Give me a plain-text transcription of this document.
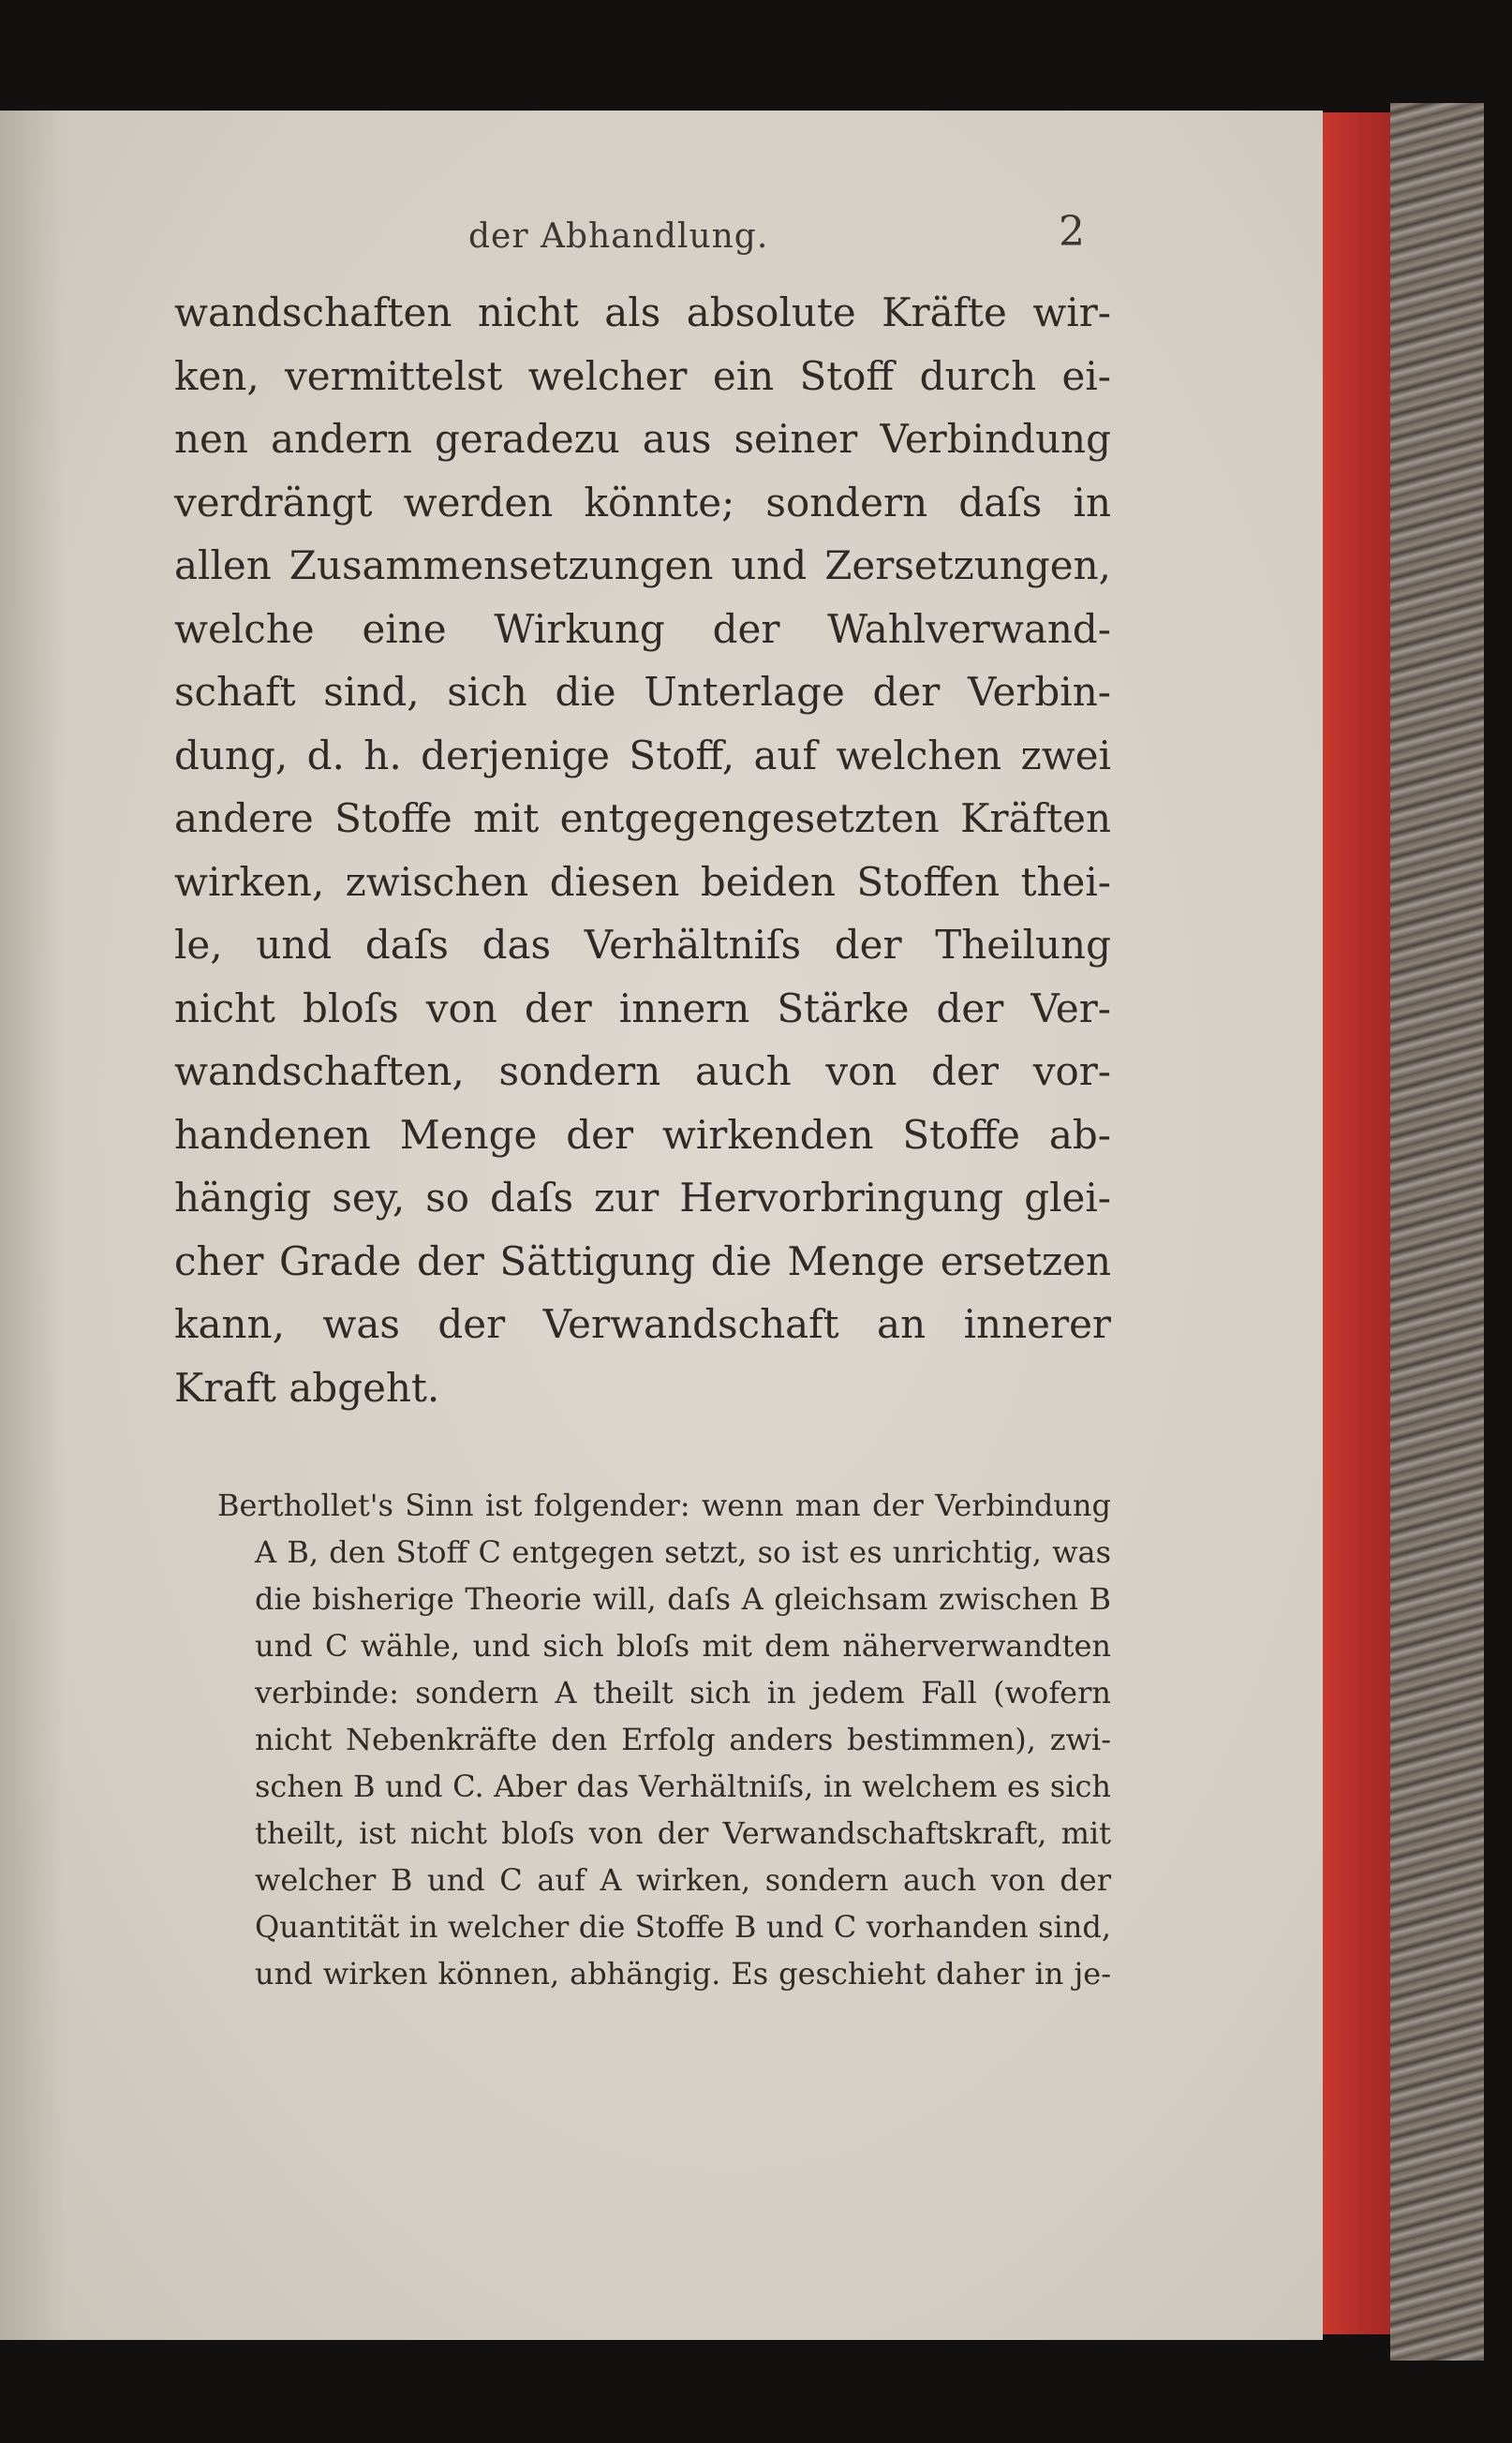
der Abhandlung.	2

wandschaften nicht als absolute Kräfte wir-
ken, vermittelst welcher ein Stoff durch ei-
nen andern geradezu aus seiner Verbindung
verdrängt werden könnte; sondern daſs in
allen Zusammensetzungen und Zersetzungen,
welche eine Wirkung der Wahlverwand-
schaft sind, sich die Unterlage der Verbin-
dung, d. h. derjenige Stoff, auf welchen zwei
andere Stoffe mit entgegengesetzten Kräften
wirken, zwischen diesen beiden Stoffen thei-
le, und daſs das Verhältniſs der Theilung
nicht bloſs von der innern Stärke der Ver-
wandschaften, sondern auch von der vor-
handenen Menge der wirkenden Stoffe ab-
hängig sey, so daſs zur Hervorbringung glei-
cher Grade der Sättigung die Menge ersetzen
kann, was der Verwandschaft an innerer
Kraft abgeht.

Berthollet's Sinn ist folgender: wenn man der Verbindung
A B, den Stoff C entgegen setzt, so ist es unrichtig, was
die bisherige Theorie will, daſs A gleichsam zwischen B
und C wähle, und sich bloſs mit dem näherverwandten
verbinde: sondern A theilt sich in jedem Fall (wofern
nicht Nebenkräfte den Erfolg anders bestimmen), zwi-
schen B und C. Aber das Verhältniſs, in welchem es sich
theilt, ist nicht bloſs von der Verwandschaftskraft, mit
welcher B und C auf A wirken, sondern auch von der
Quantität in welcher die Stoffe B und C vorhanden sind,
und wirken können, abhängig. Es geschieht daher in je-
